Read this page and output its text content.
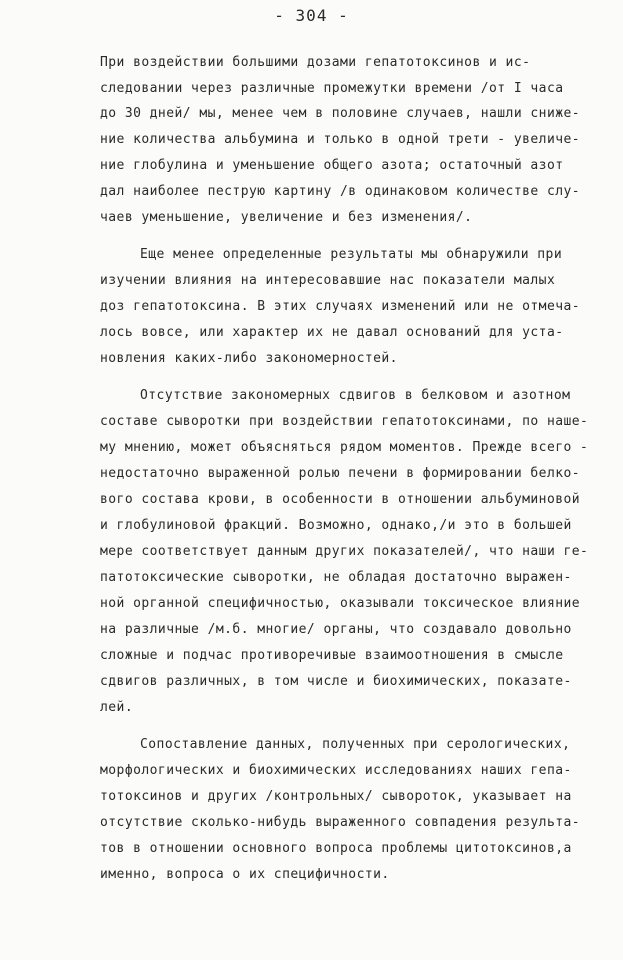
- 304 -
При воздействии большими дозами гепатотоксинов и ис-
следовании через различные промежутки времени /от I часа
до 30 дней/ мы, менее чем в половине случаев, нашли сниже-
ние количества альбумина и только в одной трети - увеличе-
ние глобулина и уменьшение общего азота; остаточный азот
дал наиболее пеструю картину /в одинаковом количестве слу-
чаев уменьшение, увеличение и без изменения/.
Еще менее определенные результаты мы обнаружили при
изучении влияния на интересовавшие нас показатели малых
доз гепатотоксина. В этих случаях изменений или не отмеча-
лось вовсе, или характер их не давал оснований для уста-
новления каких-либо закономерностей.
Отсутствие закономерных сдвигов в белковом и азотном
составе сыворотки при воздействии гепатотоксинами, по нашe-
му мнению, может объясняться рядом моментов. Прежде всего -
недостаточно выраженной ролью печени в формировании белко-
вого состава крови, в особенности в отношении альбуминовой
и глобулиновой фракций. Возможно, однако,/и это в большей
мере соответствует данным других показателей/, что наши ге-
патотоксические сыворотки, не обладая достаточно выражен-
ной органной специфичностью, оказывали токсическое влияние
на различные /м.б. многие/ органы, что создавало довольно
сложные и подчас противоречивые взаимоотношения в смысле
сдвигов различных, в том числе и биохимических, показате-
лей.
Сопоставление данных, полученных при серологических,
морфологических и биохимических исследованиях наших гепа-
тотоксинов и других /контрольных/ сывороток, указывает на
отсутствие сколько-нибудь выраженного совпадения результа-
тов в отношении основного вопроса проблемы цитотоксинов,а
именно, вопроса о их специфичности.
